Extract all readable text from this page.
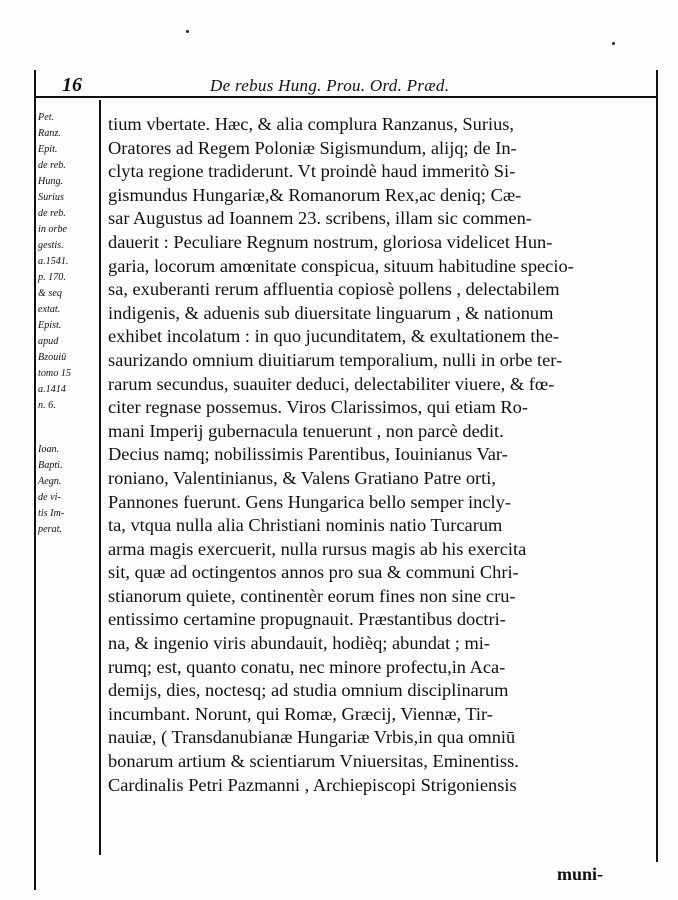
16	De rebus Hung. Prou. Ord. Præd.
Pet.
Ranz.
Epit.
de reb.
Hung.
Surius
de reb.
in orbe
gestis.
a.1541.
p. 170.
& seq
extat.
Epist.
apud
Bzouiū
tomo 15
a.1414
n. 6.
Ioan.
Bapti.
Aegn.
de vi-
tis Im-
perat.
tium vbertate. Hæc, & alia complura Ranzanus, Surius,
Oratores ad Regem Poloniæ Sigismundum, alijq; de In-
clyta regione tradiderunt. Vt proindè haud immeritò Si-
gismundus Hungariæ,& Romanorum Rex,ac deniq; Cæ-
sar Augustus ad Ioannem 23. scribens, illam sic commen-
dauerit : Peculiare Regnum nostrum, gloriosa videlicet Hun-
garia, locorum amœnitate conspicua, situum habitudine specio-
sa, exuberanti rerum affluentia copiosè pollens , delectabilem
indigenis, & aduenis sub diuersitate linguarum , & nationum
exhibet incolatum : in quo jucunditatem, & exultationem the-
saurizando omnium diuitiarum temporalium, nulli in orbe ter-
rarum secundus, suauiter deduci, delectabiliter viuere, & fœ-
citer regnase possemus. Viros Clarissimos, qui etiam Ro-
mani Imperij gubernacula tenuerunt , non parcè dedit.
Decius namq; nobilissimis Parentibus, Iouinianus Var-
roniano, Valentinianus, & Valens Gratiano Patre orti,
Pannones fuerunt. Gens Hungarica bello semper incly-
ta, vtqua nulla alia Christiani nominis natio Turcarum
arma magis exercuerit, nulla rursus magis ab his exercita
sit, quæ ad octingentos annos pro sua & communi Chri-
stianorum quiete, continentèr eorum fines non sine cru-
entissimo certamine propugnauit. Præstantibus doctri-
na, & ingenio viris abundauit, hodièq; abundat ; mi-
rumq; est, quanto conatu, nec minore profectu,in Aca-
demijs, dies, noctesq; ad studia omnium disciplinarum
incumbant. Norunt, qui Romæ, Græcij, Viennæ, Tir-
nauiæ, ( Transdanubianæ Hungariæ Vrbis,in qua omniū
bonarum artium & scientiarum Vniuersitas, Eminentiss.
Cardinalis Petri Pazmanni , Archiepiscopi Strigoniensis
muni-
